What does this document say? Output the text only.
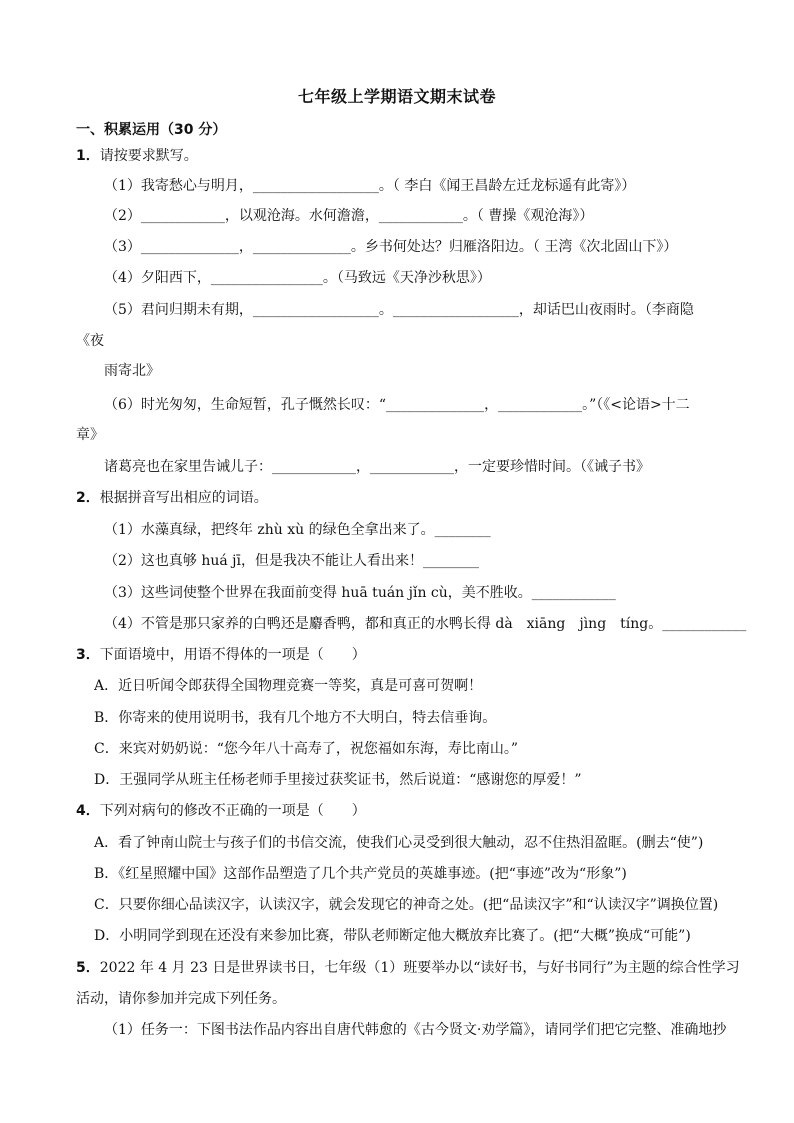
七年级上学期语文期末试卷
一、积累运用（30 分）
1．请按要求默写。
（1）我寄愁心与明月，__________________。（ 李白《闻王昌龄左迁龙标遥有此寄》）
（2）____________，以观沧海。水何澹澹，____________。（ 曹操《观沧海》）
（3）______________，______________。乡书何处达？归雁洛阳边。（ 王湾《次北固山下》）
（4）夕阳西下，________________。（马致远《天净沙秋思》）
（5）君问归期未有期，__________________。__________________，却话巴山夜雨时。（李商隐
《夜
雨寄北》
（6）时光匆匆，生命短暂，孔子慨然长叹：“______________，____________。”（《<论语>十二
章》
诸葛亮也在家里告诫儿子：____________，____________，一定要珍惜时间。（《诫子书》
2．根据拼音写出相应的词语。
（1）水藻真绿，把终年 zhù xù 的绿色全拿出来了。________
（2）这也真够 huá jī，但是我决不能让人看出来！________
（3）这些词使整个世界在我面前变得 huā tuán jǐn cù，美不胜收。____________
（4）不管是那只家养的白鸭还是麝香鸭，都和真正的水鸭长得 dà　xiāng　jìng　tíng。____________
3．下面语境中，用语不得体的一项是（　　）
A．近日听闻令郎获得全国物理竞赛一等奖，真是可喜可贺啊！
B．你寄来的使用说明书，我有几个地方不大明白，特去信垂询。
C．来宾对奶奶说：“您今年八十高寿了，祝您福如东海，寿比南山。”
D．王强同学从班主任杨老师手里接过获奖证书，然后说道：“感谢您的厚爱！”
4．下列对病句的修改不正确的一项是（　　）
A．看了钟南山院士与孩子们的书信交流，使我们心灵受到很大触动，忍不住热泪盈眶。(删去“使”)
B．《红星照耀中国》这部作品塑造了几个共产党员的英雄事迹。(把“事迹”改为“形象”)
C．只要你细心品读汉字，认读汉字，就会发现它的神奇之处。(把“品读汉字”和“认读汉字”调换位置)
D．小明同学到现在还没有来参加比赛，带队老师断定他大概放弃比赛了。(把“大概”换成“可能”)
5．2022 年 4 月 23 日是世界读书日，七年级（1）班要举办以“读好书，与好书同行”为主题的综合性学习
活动，请你参加并完成下列任务。
（1）任务一：下图书法作品内容出自唐代韩愈的《古今贤文·劝学篇》，请同学们把它完整、准确地抄
